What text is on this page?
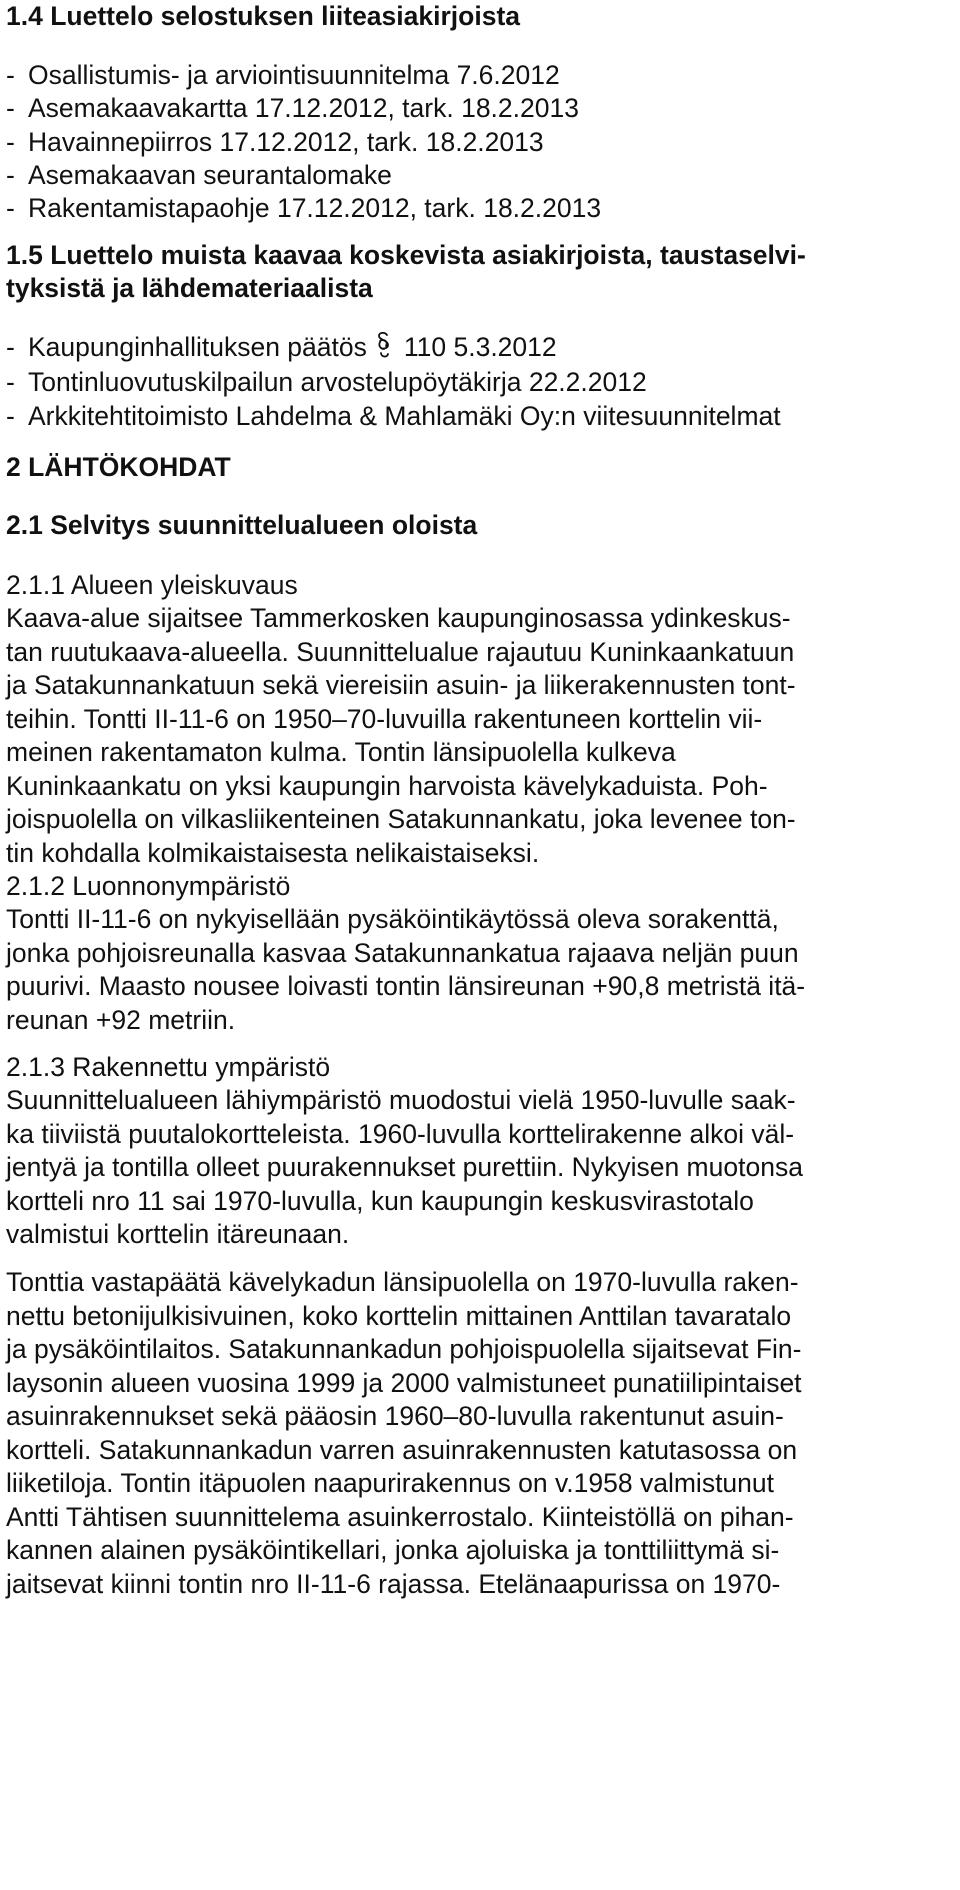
1.4 Luettelo selostuksen liiteasiakirjoista
- Osallistumis- ja arviointisuunnitelma 7.6.2012
- Asemakaavakartta 17.12.2012, tark. 18.2.2013
- Havainnepiirros 17.12.2012, tark. 18.2.2013
- Asemakaavan seurantalomake
- Rakentamistapaohje 17.12.2012, tark. 18.2.2013
1.5 Luettelo muista kaavaa koskevista asiakirjoista, taustaselvi-
tyksistä ja lähdemateriaalista
- Kaupunginhallituksen päätös 110 5.3.2012
- Tontinluovutuskilpailun arvostelupöytäkirja 22.2.2012
- Arkkitehtitoimisto Lahdelma & Mahlamäki Oy:n viitesuunnitelmat
2 LÄHTÖKOHDAT
2.1 Selvitys suunnittelualueen oloista
2.1.1 Alueen yleiskuvaus

Kaava-alue sijaitsee Tammerkosken kaupunginosassa ydinkeskus-
tan ruutukaava-alueella. Suunnittelualue rajautuu Kuninkaankatuun
ja Satakunnankatuun sekä viereisiin asuin- ja liikerakennusten tont-
teihin. Tontti II-11-6 on 1950–70-luvuilla rakentuneen korttelin vii-
meinen rakentamaton kulma. Tontin länsipuolella kulkeva
Kuninkaankatu on yksi kaupungin harvoista kävelykaduista. Poh-
joispuolella on vilkasliikenteinen Satakunnankatu, joka levenee ton-
tin kohdalla kolmikaistaisesta nelikaistaiseksi.

2.1.2 Luonnonympäristö

Tontti II-11-6 on nykyisellään pysäköintikäytössä oleva sorakenttä,
jonka pohjoisreunalla kasvaa Satakunnankatua rajaava neljän puun
puurivi. Maasto nousee loivasti tontin länsireunan +90,8 metristä itä-
reunan +92 metriin.

2.1.3 Rakennettu ympäristö

Suunnittelualueen lähiympäristö muodostui vielä 1950-luvulle saak-
ka tiiviistä puutalokortteleista. 1960-luvulla korttelirakenne alkoi väl-
jentyä ja tontilla olleet puurakennukset purettiin. Nykyisen muotonsa
kortteli nro 11 sai 1970-luvulla, kun kaupungin keskusvirastotalo
valmistui korttelin itäreunaan.

Tonttia vastapäätä kävelykadun länsipuolella on 1970-luvulla raken-
nettu betonijulkisivuinen, koko korttelin mittainen Anttilan tavaratalo
ja pysäköintilaitos. Satakunnankadun pohjoispuolella sijaitsevat Fin-
laysonin alueen vuosina 1999 ja 2000 valmistuneet punatiilipintaiset
asuinrakennukset sekä pääosin 1960–80-luvulla rakentunut asuin-
kortteli. Satakunnankadun varren asuinrakennusten katutasossa on
liiketiloja. Tontin itäpuolen naapurirakennus on v.1958 valmistunut
Antti Tähtisen suunnittelema asuinkerrostalo. Kiinteistöllä on pihan-
kannen alainen pysäköintikellari, jonka ajoluiska ja tonttiliittymä si-
jaitsevat kiinni tontin nro II-11-6 rajassa. Etelänaapurissa on 1970-
